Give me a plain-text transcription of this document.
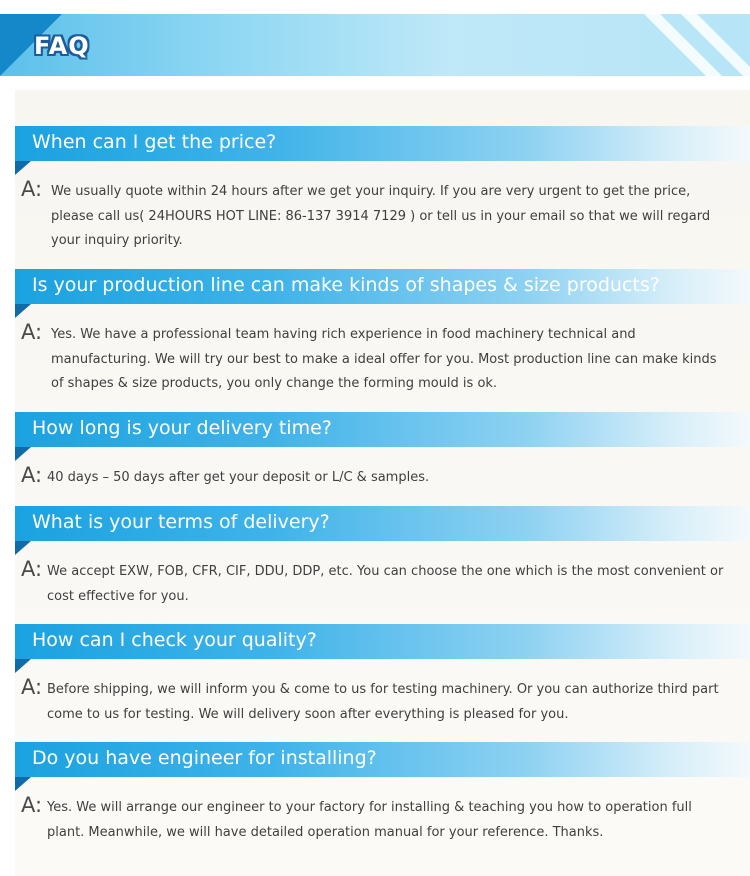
FAQ
When can I get the price?
A: We usually quote within 24 hours after we get your inquiry. If you are very urgent to get the price, please call us( 24HOURS HOT LINE: 86-137 3914 7129 ) or tell us in your email so that we will regard your inquiry priority.
Is your production line can make kinds of shapes & size products?
A: Yes. We have a professional team having rich experience in food machinery technical and manufacturing. We will try our best to make a ideal offer for you. Most production line can make kinds of shapes & size products, you only change the forming mould is ok.
How long is your delivery time?
A: 40 days – 50 days after get your deposit or L/C & samples.
What is your terms of delivery?
A: We accept EXW, FOB, CFR, CIF, DDU, DDP, etc. You can choose the one which is the most convenient or cost effective for you.
How can I check your quality?
A: Before shipping, we will inform you & come to us for testing machinery. Or you can authorize third part come to us for testing. We will delivery soon after everything is pleased for you.
Do you have engineer for installing?
A: Yes. We will arrange our engineer to your factory for installing & teaching you how to operation full plant. Meanwhile, we will have detailed operation manual for your reference. Thanks.
